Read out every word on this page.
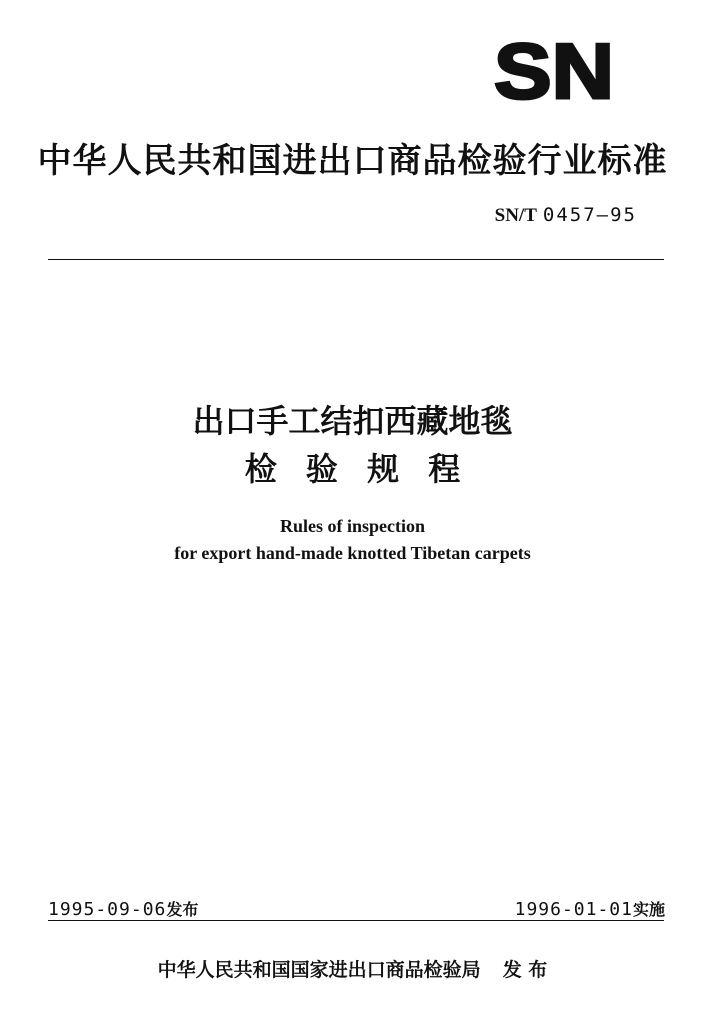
SN
中华人民共和国进出口商品检验行业标准
SN/T 0457—95
出口手工结扣西藏地毯
检 验 规 程
Rules of inspection
for export hand-made knotted Tibetan carpets
1995-09-06发布	1996-01-01实施
中华人民共和国国家进出口商品检验局 发 布
